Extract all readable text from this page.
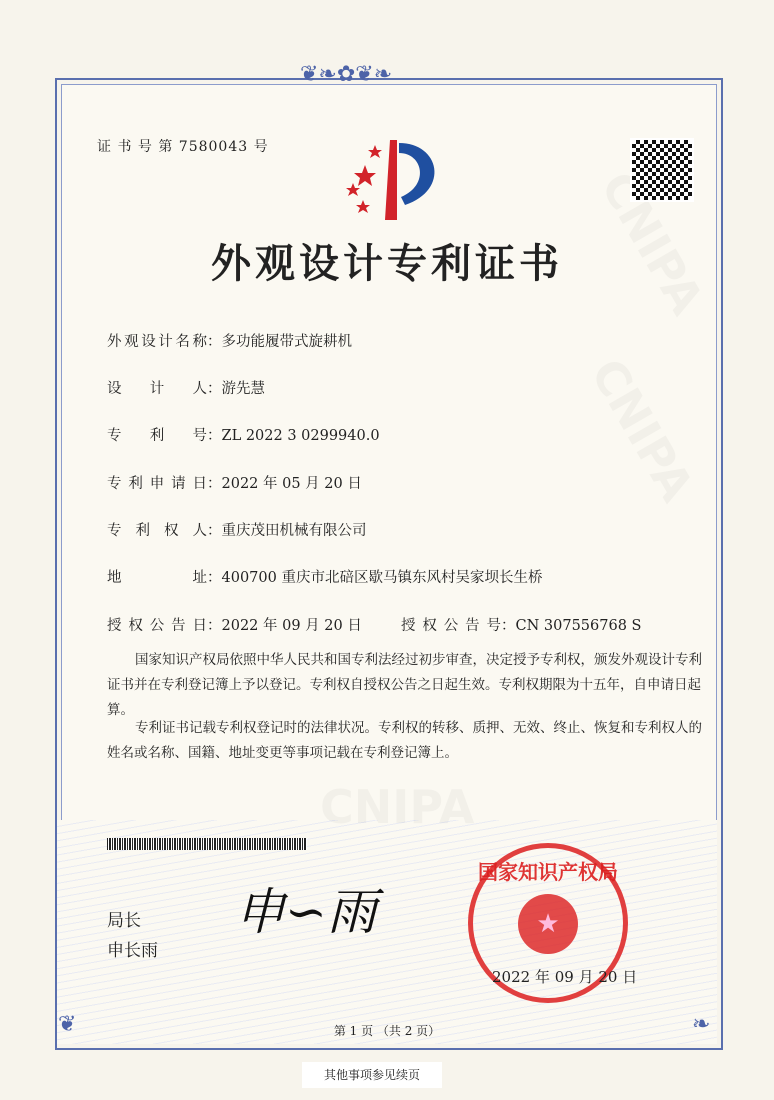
❦❧✿❦❧
❦	❧
证 书 号 第 7580043 号
外观设计专利证书
外观设计名称：多功能履带式旋耕机
设计人：游先慧
专利号：ZL 2022 3 0299940.0
专利申请日：2022 年 05 月 20 日
专利权人：重庆茂田机械有限公司
地址：400700 重庆市北碚区歇马镇东风村吴家坝长生桥
授权公告日：2022 年 09 月 20 日	授权公告号：CN 307556768 S
国家知识产权局依照中华人民共和国专利法经过初步审查，决定授予专利权，颁发外观设计专利证书并在专利登记簿上予以登记。专利权自授权公告之日起生效。专利权期限为十五年，自申请日起算。
专利证书记载专利权登记时的法律状况。专利权的转移、质押、无效、终止、恢复和专利权人的姓名或名称、国籍、地址变更等事项记载在专利登记簿上。
局长
申长雨
申∽雨
国家知识产权局
★
2022 年 09 月 20 日
第 1 页 （共 2 页）
其他事项参见续页
